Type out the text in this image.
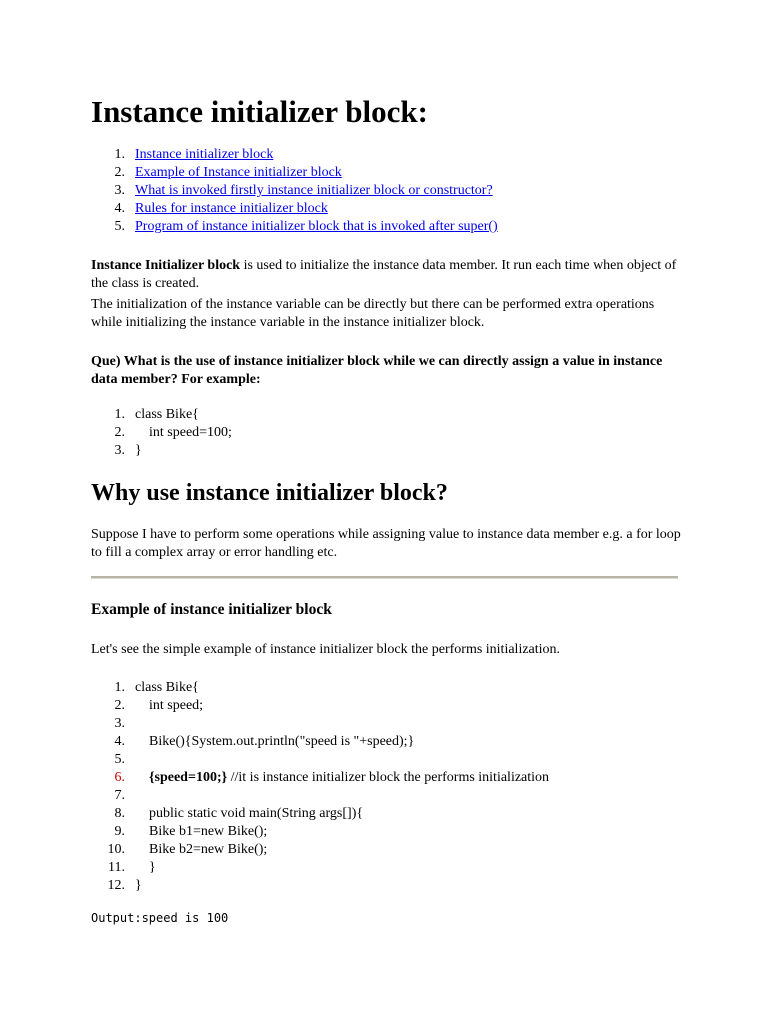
Instance initializer block:
1. Instance initializer block
2. Example of Instance initializer block
3. What is invoked firstly instance initializer block or constructor?
4. Rules for instance initializer block
5. Program of instance initializer block that is invoked after super()

Instance Initializer block is used to initialize the instance data member. It run each time when object of the class is created.

The initialization of the instance variable can be directly but there can be performed extra operations while initializing the instance variable in the instance initializer block.

Que) What is the use of instance initializer block while we can directly assign a value in instance data member? For example:

1. class Bike{
2. int speed=100;
3. }
Why use instance initializer block?

Suppose I have to perform some operations while assigning value to instance data member e.g. a for loop to fill a complex array or error handling etc.

Example of instance initializer block

Let's see the simple example of instance initializer block the performs initialization.

1. class Bike{
2. int speed;
3.
4. Bike(){System.out.println("speed is "+speed);}
5.
6.	{speed=100;} //it is instance initializer block the performs initialization
7.
8. public static void main(String args[]){
9. Bike b1=new Bike();
10. Bike b2=new Bike();
11. }
12. }
Output:speed is 100
